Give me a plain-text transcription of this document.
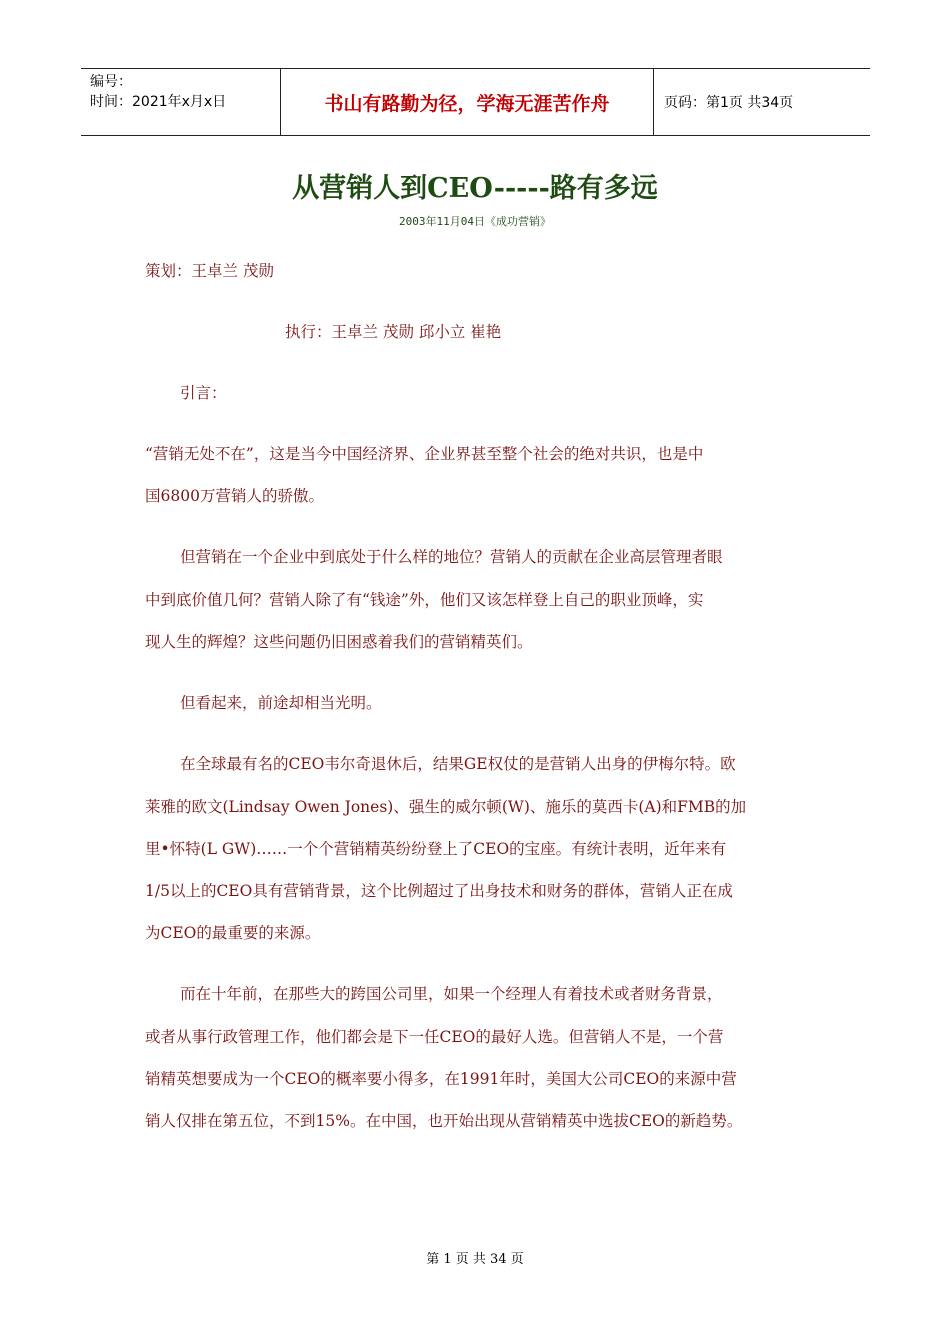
编号：
时间：2021年x月x日	书山有路勤为径，学海无涯苦作舟	页码：第1页 共34页
从营销人到CEO-----路有多远
2003年11月04日《成功营销》
策划：王卓兰 茂勋
执行：王卓兰 茂勋 邱小立 崔艳
引言：
“营销无处不在”，这是当今中国经济界、企业界甚至整个社会的绝对共识，也是中
国6800万营销人的骄傲。
但营销在一个企业中到底处于什么样的地位？营销人的贡献在企业高层管理者眼
中到底价值几何？营销人除了有“钱途”外，他们又该怎样登上自己的职业顶峰，实
现人生的辉煌？这些问题仍旧困惑着我们的营销精英们。
但看起来，前途却相当光明。
在全球最有名的CEO韦尔奇退休后，结果GE权仗的是营销人出身的伊梅尔特。欧
莱雅的欧文(Lindsay Owen Jones)、强生的威尔顿(W)、施乐的莫西卡(A)和FMB的加
里•怀特(L GW)……一个个营销精英纷纷登上了CEO的宝座。有统计表明，近年来有
1/5以上的CEO具有营销背景，这个比例超过了出身技术和财务的群体，营销人正在成
为CEO的最重要的来源。
而在十年前，在那些大的跨国公司里，如果一个经理人有着技术或者财务背景，
或者从事行政管理工作，他们都会是下一任CEO的最好人选。但营销人不是，一个营
销精英想要成为一个CEO的概率要小得多，在1991年时，美国大公司CEO的来源中营
销人仅排在第五位，不到15%。在中国，也开始出现从营销精英中选拔CEO的新趋势。
第 1 页 共 34 页
